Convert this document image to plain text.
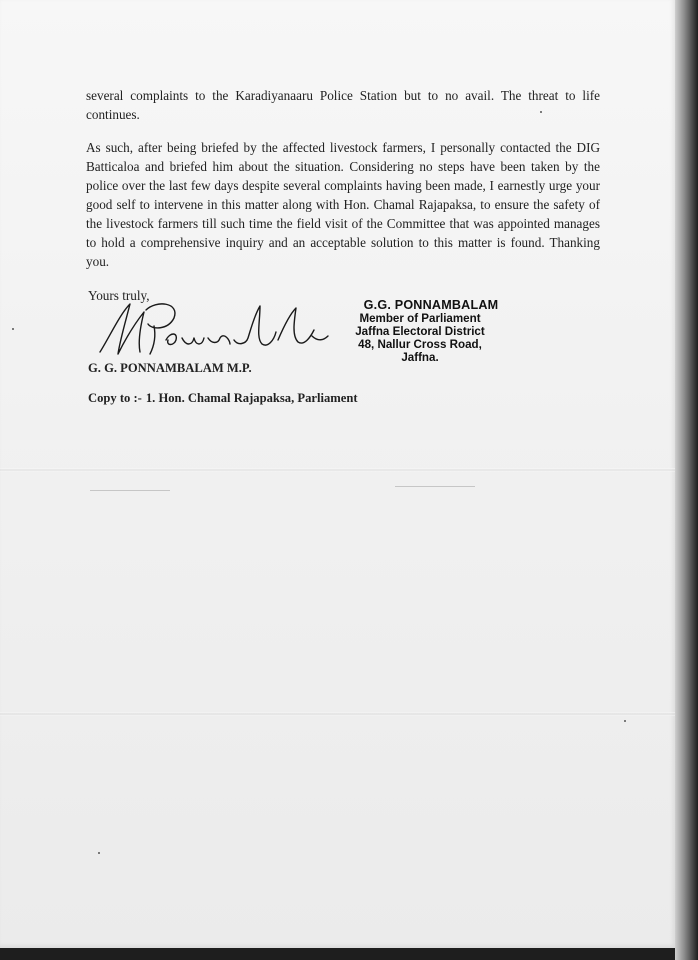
several complaints to the Karadiyanaaru Police Station but to no avail. The threat to life continues.

As such, after being briefed by the affected livestock farmers, I personally contacted the DIG Batticaloa and briefed him about the situation. Considering no steps have been taken by the police over the last few days despite several complaints having been made, I earnestly urge your good self to intervene in this matter along with Hon. Chamal Rajapaksa, to ensure the safety of the livestock farmers till such time the field visit of the Committee that was appointed manages to hold a comprehensive inquiry and an acceptable solution to this matter is found. Thanking you.

Yours truly,
G. G. PONNAMBALAM M.P.
G.G. PONNAMBALAM
Member of Parliament
Jaffna Electoral District
48, Nallur Cross Road,
Jaffna.
Copy to :- 1. Hon. Chamal Rajapaksa, Parliament
